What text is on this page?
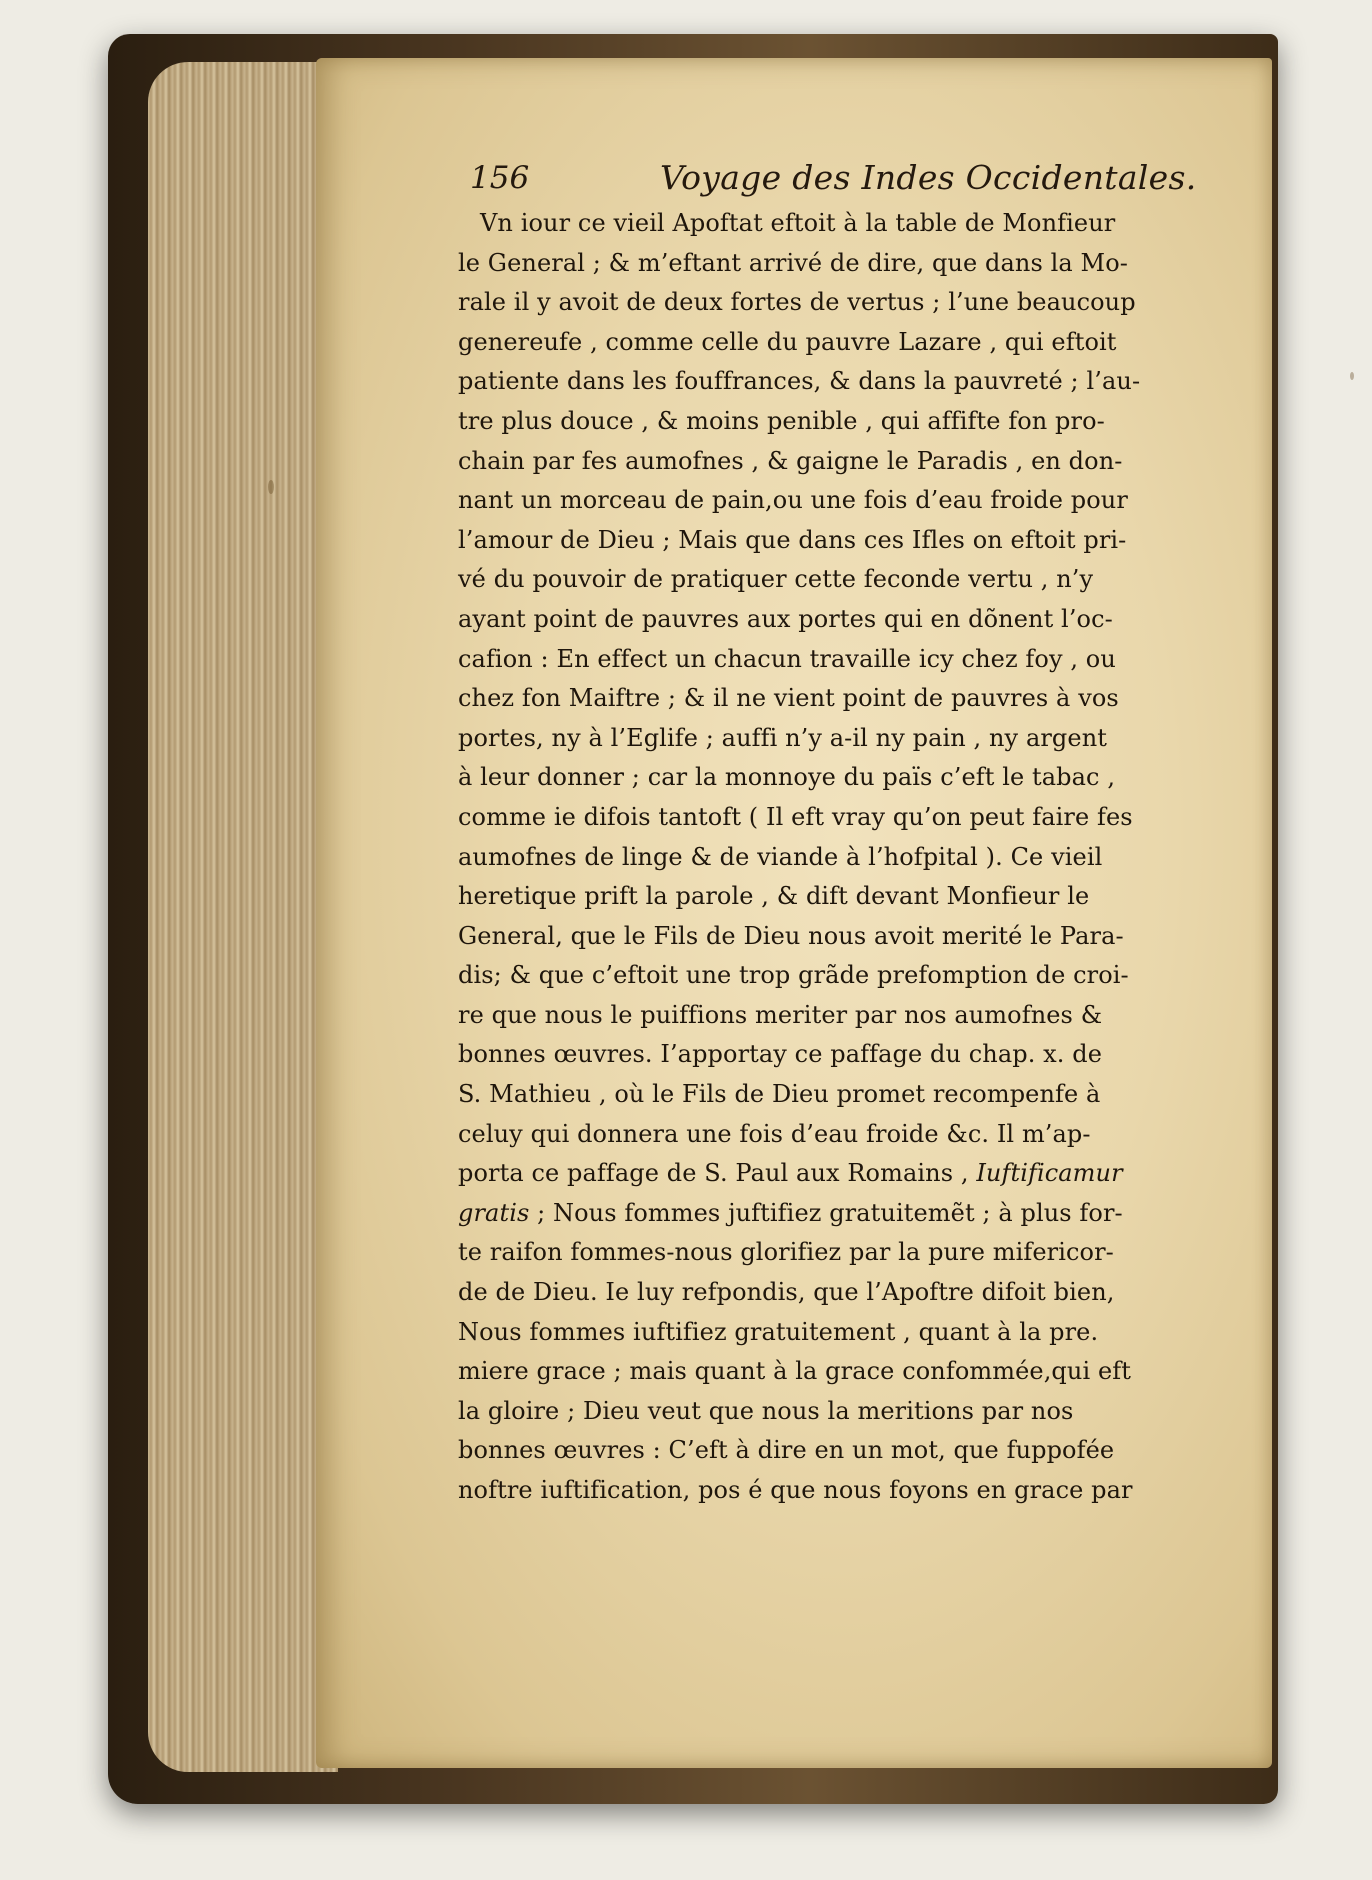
156	Voyage des Indes Occidentales.
Vn iour ce vieil Apoftat eftoit à la table de Monfieur
le General ; & m’eftant arrivé de dire, que dans la Mo-
rale il y avoit de deux fortes de vertus ; l’une beaucoup
genereufe , comme celle du pauvre Lazare , qui eftoit
patiente dans les fouffrances, & dans la pauvreté ; l’au-
tre plus douce , & moins penible , qui affifte fon pro-
chain par fes aumofnes , & gaigne le Paradis , en don-
nant un morceau de pain,ou une fois d’eau froide pour
l’amour de Dieu ; Mais que dans ces Ifles on eftoit pri-
vé du pouvoir de pratiquer cette feconde vertu , n’y
ayant point de pauvres aux portes qui en dõnent l’oc-
cafion : En effect un chacun travaille icy chez foy , ou
chez fon Maiftre ; & il ne vient point de pauvres à vos
portes, ny à l’Eglife ; auffi n’y a-il ny pain , ny argent
à leur donner ; car la monnoye du païs c’eft le tabac ,
comme ie difois tantoft ( Il eft vray qu’on peut faire fes
aumofnes de linge & de viande à l’hofpital ). Ce vieil
heretique prift la parole , & dift devant Monfieur le
General, que le Fils de Dieu nous avoit merité le Para-
dis; & que c’eftoit une trop grãde prefomption de croi-
re que nous le puiffions meriter par nos aumofnes &
bonnes œuvres. I’apportay ce paffage du chap. x. de
S. Mathieu , où le Fils de Dieu promet recompenfe à
celuy qui donnera une fois d’eau froide &c. Il m’ap-
porta ce paffage de S. Paul aux Romains , Iuftificamur
gratis ; Nous fommes juftifiez gratuitemẽt ; à plus for-
te raifon fommes-nous glorifiez par la pure mifericor-
de de Dieu. Ie luy refpondis, que l’Apoftre difoit bien,
Nous fommes iuftifiez gratuitement , quant à la pre.
miere grace ; mais quant à la grace confommée,qui eft
la gloire ; Dieu veut que nous la meritions par nos
bonnes œuvres : C’eft à dire en un mot, que fuppofée
noftre iuftification, pos é que nous foyons en grace par
